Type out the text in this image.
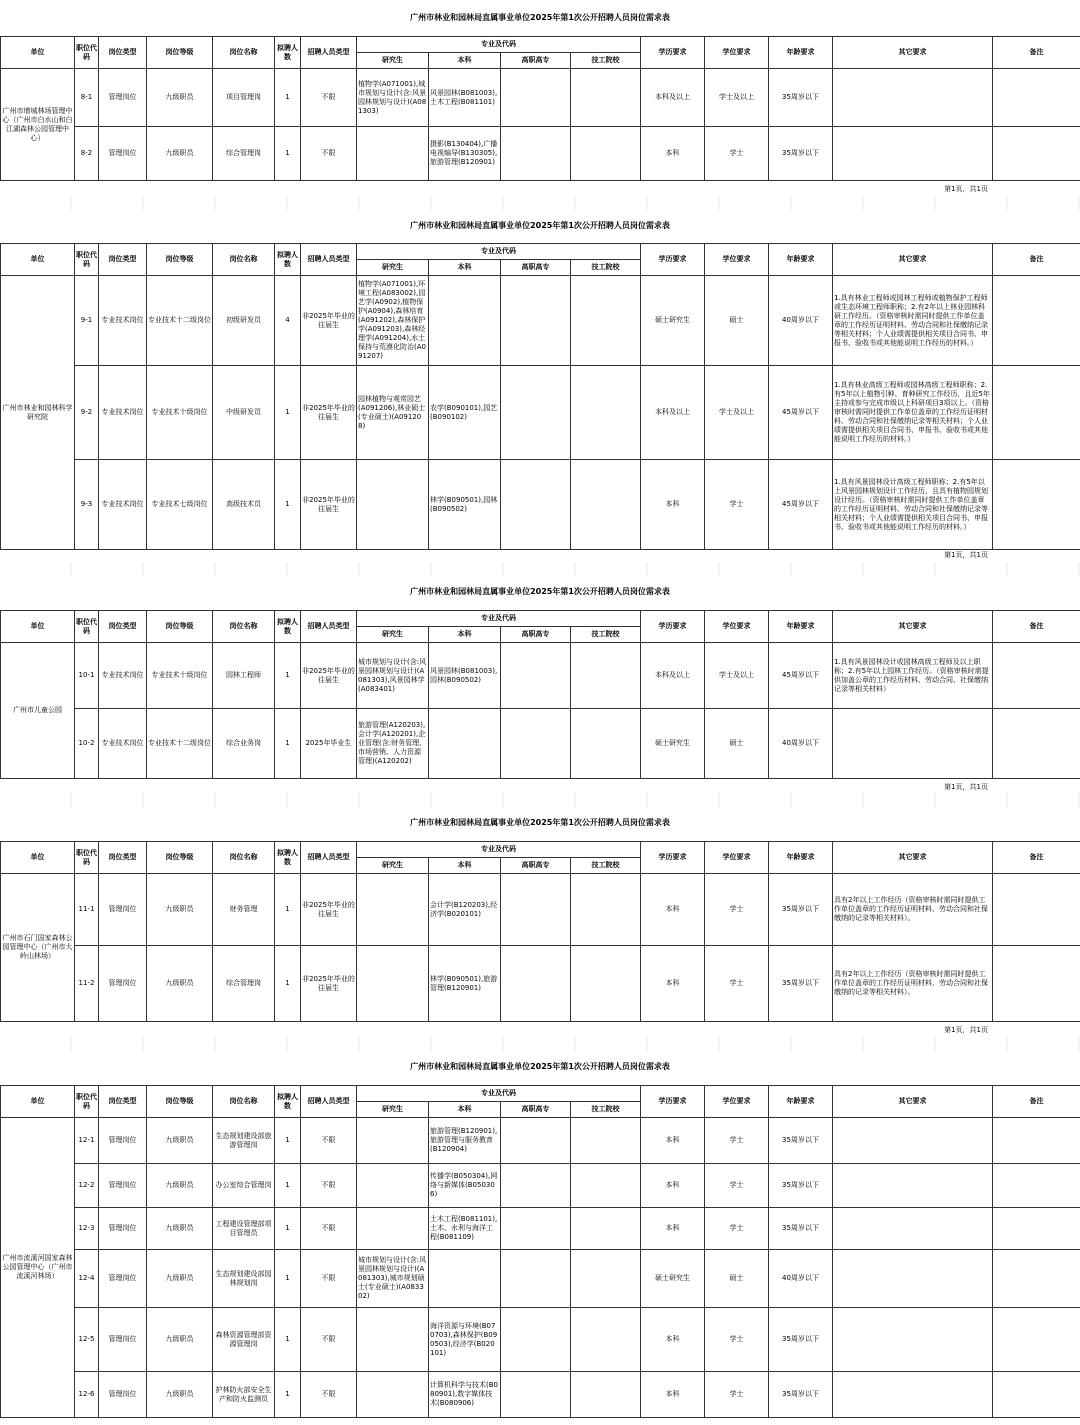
广州市林业和园林局直属事业单位2025年第1次公开招聘人员岗位需求表
单位	职位代码	岗位类型	岗位等级	岗位名称	拟聘人数	招聘人员类型	专业及代码				学历要求	学位要求	年龄要求	其它要求	备注
							研究生	本科	高职高专	技工院校					
广州市增城林场管理中心（广州市白水山和白江湖森林公园管理中心）	8-1	管理岗位	九级职员	项目管理岗	1	不限	植物学(A071001),城市规划与设计(含:风景园林规划与设计)(A081303)	风景园林(B081003),土木工程(B081101)			本科及以上	学士及以上	35周岁以下		
	8-2	管理岗位	九级职员	综合管理岗	1	不限		摄影(B130404),广播电视编导(B130305),旅游管理(B120901)			本科	学士	35周岁以下		
第1页，共1页
广州市林业和园林局直属事业单位2025年第1次公开招聘人员岗位需求表
单位	职位代码	岗位类型	岗位等级	岗位名称	拟聘人数	招聘人员类型	专业及代码				学历要求	学位要求	年龄要求	其它要求	备注
							研究生	本科	高职高专	技工院校					
广州市林业和园林科学研究院	9-1	专业技术岗位	专业技术十二级岗位	初级研发员	4	非2025年毕业的往届生	植物学(A071001),环境工程(A083002),园艺学(A0902),植物保护(A0904),森林培育(A091202),森林保护学(A091203),森林经理学(A091204),水土保持与荒漠化防治(A091207)				硕士研究生	硕士	40周岁以下	1.具有林业工程师或园林工程师或植物保护工程师或生态环境工程师职称；2.有2年以上林业园林科研工作经历。（资格审核时需同时提供工作单位盖章的工作经历证明材料、劳动合同和社保缴纳记录等相关材料；个人业绩需提供相关项目合同书、申报书、验收书或其他能说明工作经历的材料。）	
	9-2	专业技术岗位	专业技术十级岗位	中级研发员	1	非2025年毕业的往届生	园林植物与观赏园艺(A091206),林业硕士(专业硕士)(A091208)	农学(B090101),园艺(B090102)			本科及以上	学士及以上	45周岁以下	1.具有林业高级工程师或园林高级工程师职称；2.有5年以上植物引种、育种研究工作经历，且近5年主持或参与完成市级以上科研项目3项以上。（资格审核时需同时提供工作单位盖章的工作经历证明材料、劳动合同和社保缴纳记录等相关材料；个人业绩需提供相关项目合同书、申报书、验收书或其他能说明工作经历的材料。）	
	9-3	专业技术岗位	专业技术七级岗位	高级技术员	1	非2025年毕业的往届生		林学(B090501),园林(B090502)			本科	学士	45周岁以下	1.具有风景园林设计高级工程师职称；2.有5年以上风景园林规划设计工作经历，且具有植物园规划设计经历。（资格审核时需同时提供工作单位盖章的工作经历证明材料、劳动合同和社保缴纳记录等相关材料；个人业绩需提供相关项目合同书、申报书、验收书或其他能说明工作经历的材料。）	
第1页，共1页
广州市林业和园林局直属事业单位2025年第1次公开招聘人员岗位需求表
单位	职位代码	岗位类型	岗位等级	岗位名称	拟聘人数	招聘人员类型	专业及代码				学历要求	学位要求	年龄要求	其它要求	备注
							研究生	本科	高职高专	技工院校					
广州市儿童公园	10-1	专业技术岗位	专业技术十级岗位	园林工程师	1	非2025年毕业的往届生	城市规划与设计(含:风景园林规划与设计)(A081303),风景园林学(A083401)	风景园林(B081003),园林(B090502)			本科及以上	学士及以上	45周岁以下	1.具有风景园林设计或园林高级工程师及以上职称；2.有5年以上园林工作经历。（资格审核时需提供加盖公章的工作经历材料、劳动合同、社保缴纳记录等相关材料）	
	10-2	专业技术岗位	专业技术十二级岗位	综合业务岗	1	2025年毕业生	旅游管理(A120203),会计学(A120201),企业管理(含:财务管理、市场营销、人力资源管理)(A120202)				硕士研究生	硕士	40周岁以下		
第1页，共1页
广州市林业和园林局直属事业单位2025年第1次公开招聘人员岗位需求表
单位	职位代码	岗位类型	岗位等级	岗位名称	拟聘人数	招聘人员类型	专业及代码				学历要求	学位要求	年龄要求	其它要求	备注
							研究生	本科	高职高专	技工院校					
广州市石门国家森林公园管理中心（广州市大岭山林场）	11-1	管理岗位	九级职员	财务管理	1	非2025年毕业的往届生		会计学(B120203),经济学(B020101)			本科	学士	35周岁以下	具有2年以上工作经历（资格审核时需同时提供工作单位盖章的工作经历证明材料、劳动合同和社保缴纳的记录等相关材料）。	
	11-2	管理岗位	九级职员	综合管理岗	1	非2025年毕业的往届生		林学(B090501),旅游管理(B120901)			本科	学士	35周岁以下	具有2年以上工作经历（资格审核时需同时提供工作单位盖章的工作经历证明材料、劳动合同和社保缴纳的记录等相关材料）。	
第1页，共1页
广州市林业和园林局直属事业单位2025年第1次公开招聘人员岗位需求表
单位	职位代码	岗位类型	岗位等级	岗位名称	拟聘人数	招聘人员类型	专业及代码				学历要求	学位要求	年龄要求	其它要求	备注
							研究生	本科	高职高专	技工院校					
广州市流溪河国家森林公园管理中心（广州市流溪河林场）	12-1	管理岗位	九级职员	生态规划建设部旅游管理岗	1	不限		旅游管理(B120901),旅游管理与服务教育(B120904)			本科	学士	35周岁以下		
	12-2	管理岗位	九级职员	办公室综合管理岗	1	不限		传播学(B050304),网络与新媒体(B050306)			本科	学士	35周岁以下		
	12-3	管理岗位	九级职员	工程建设管理部项目管理员	1	不限		土木工程(B081101),土木、水利与海洋工程(B081109)			本科	学士	35周岁以下		
	12-4	管理岗位	九级职员	生态规划建设部园林规划岗	1	不限	城市规划与设计(含:风景园林规划与设计)(A081303),城市规划硕士(专业硕士)(A083302)				硕士研究生	硕士	40周岁以下		
	12-5	管理岗位	九级职员	森林资源管理部资源管理岗	1	不限		海洋资源与环境(B070703),森林保护(B090503),经济学(B020101)			本科	学士	35周岁以下		
	12-6	管理岗位	九级职员	护林防火部安全生产和防火监测员	1	不限		计算机科学与技术(B080901),数字媒体技术(B080906)			本科	学士	35周岁以下		
